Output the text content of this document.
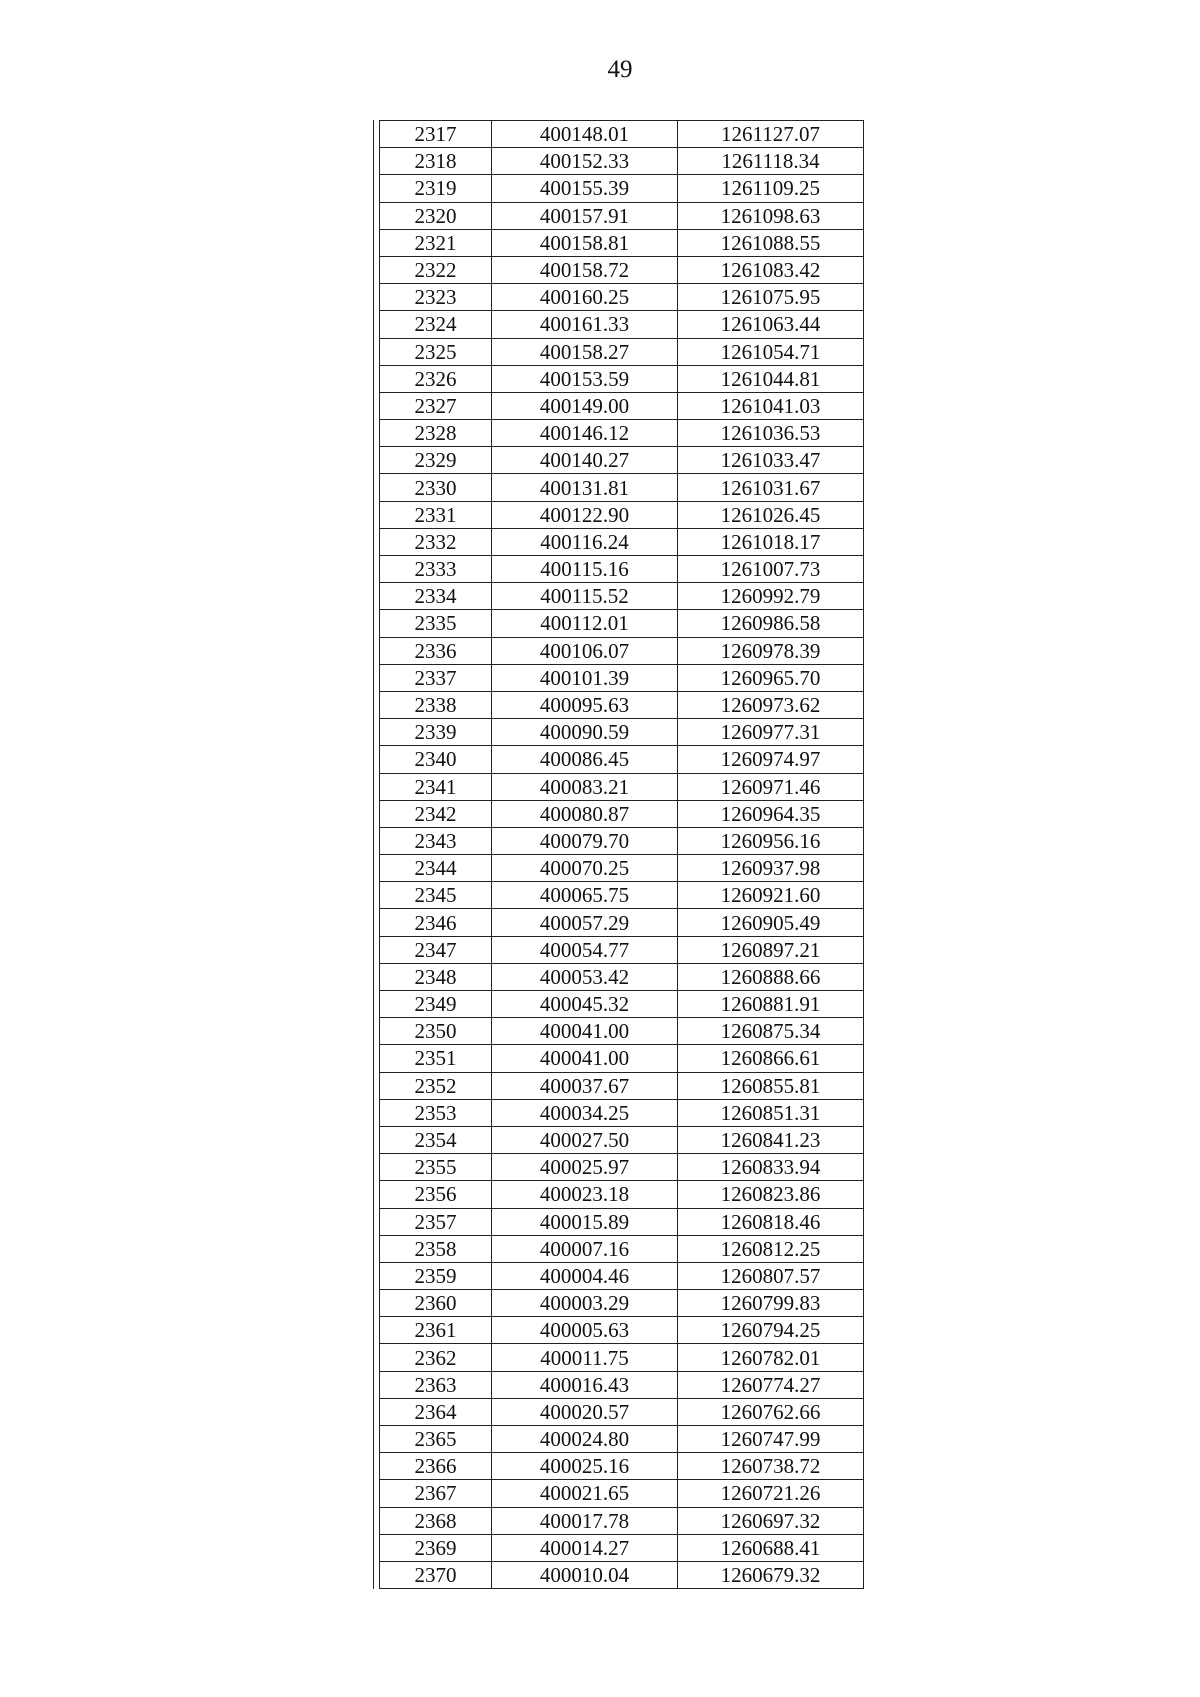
49
2317	400148.01	1261127.07
2318	400152.33	1261118.34
2319	400155.39	1261109.25
2320	400157.91	1261098.63
2321	400158.81	1261088.55
2322	400158.72	1261083.42
2323	400160.25	1261075.95
2324	400161.33	1261063.44
2325	400158.27	1261054.71
2326	400153.59	1261044.81
2327	400149.00	1261041.03
2328	400146.12	1261036.53
2329	400140.27	1261033.47
2330	400131.81	1261031.67
2331	400122.90	1261026.45
2332	400116.24	1261018.17
2333	400115.16	1261007.73
2334	400115.52	1260992.79
2335	400112.01	1260986.58
2336	400106.07	1260978.39
2337	400101.39	1260965.70
2338	400095.63	1260973.62
2339	400090.59	1260977.31
2340	400086.45	1260974.97
2341	400083.21	1260971.46
2342	400080.87	1260964.35
2343	400079.70	1260956.16
2344	400070.25	1260937.98
2345	400065.75	1260921.60
2346	400057.29	1260905.49
2347	400054.77	1260897.21
2348	400053.42	1260888.66
2349	400045.32	1260881.91
2350	400041.00	1260875.34
2351	400041.00	1260866.61
2352	400037.67	1260855.81
2353	400034.25	1260851.31
2354	400027.50	1260841.23
2355	400025.97	1260833.94
2356	400023.18	1260823.86
2357	400015.89	1260818.46
2358	400007.16	1260812.25
2359	400004.46	1260807.57
2360	400003.29	1260799.83
2361	400005.63	1260794.25
2362	400011.75	1260782.01
2363	400016.43	1260774.27
2364	400020.57	1260762.66
2365	400024.80	1260747.99
2366	400025.16	1260738.72
2367	400021.65	1260721.26
2368	400017.78	1260697.32
2369	400014.27	1260688.41
2370	400010.04	1260679.32
